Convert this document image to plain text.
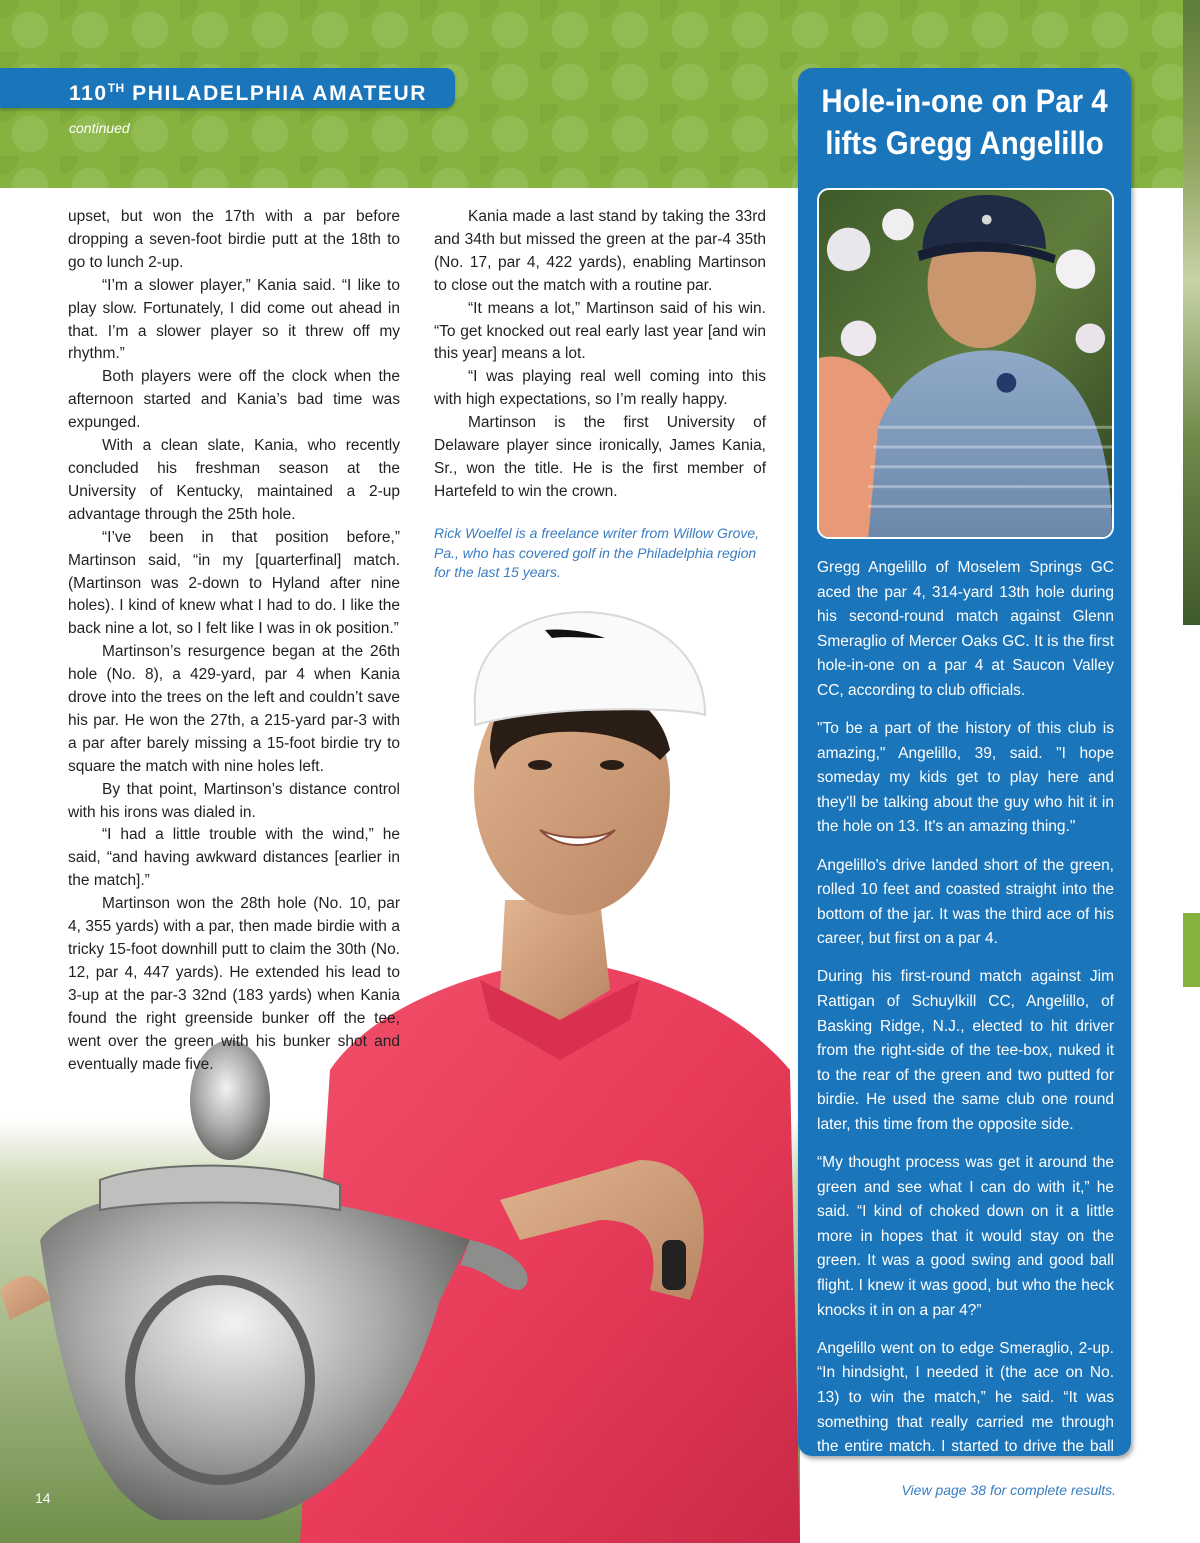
110TH PHILADELPHIA AMATEUR
continued

upset, but won the 17th with a par before dropping a seven-foot birdie putt at the 18th to go to lunch 2-up.

“I’m a slower player,” Kania said. “I like to play slow. Fortunately, I did come out ahead in that. I’m a slower player so it threw off my rhythm.”

Both players were off the clock when the afternoon started and Kania’s bad time was expunged.

With a clean slate, Kania, who recently concluded his freshman season at the University of Kentucky, maintained a 2-up advantage through the 25th hole.

“I’ve been in that position before,” Martinson said, “in my [quarterfinal] match. (Martinson was 2-down to Hyland after nine holes). I kind of knew what I had to do. I like the back nine a lot, so I felt like I was in ok position.”

Martinson’s resurgence began at the 26th hole (No. 8), a 429-yard, par 4 when Kania drove into the trees on the left and couldn’t save his par. He won the 27th, a 215-yard par-3 with a par after barely missing a 15-foot birdie try to square the match with nine holes left.

By that point, Martinson’s distance control with his irons was dialed in.

“I had a little trouble with the wind,” he said, “and having awkward distances [earlier in the match].”

Martinson won the 28th hole (No. 10, par 4, 355 yards) with a par, then made birdie with a tricky 15-foot downhill putt to claim the 30th (No. 12, par 4, 447 yards). He extended his lead to 3-up at the par-3 32nd (183 yards) when Kania found the right greenside bunker off the tee, went over the green with his bunker shot and eventually made five.

Kania made a last stand by taking the 33rd and 34th but missed the green at the par-4 35th (No. 17, par 4, 422 yards), enabling Martinson to close out the match with a routine par.

“It means a lot,” Martinson said of his win. “To get knocked out real early last year [and win this year] means a lot.

“I was playing real well coming into this with high expectations, so I’m really happy.

Martinson is the first University of Delaware player since ironically, James Kania, Sr., won the title. He is the first member of Hartefeld to win the crown.

Rick Woelfel is a freelance writer from Willow Grove, Pa., who has covered golf in the Philadelphia region for the last 15 years.
Hole-in-one on Par 4
lifts Gregg Angelillo

Gregg Angelillo of Moselem Springs GC aced the par 4, 314-yard 13th hole during his second-round match against Glenn Smeraglio of Mercer Oaks GC. It is the first hole-in-one on a par 4 at Saucon Valley CC, according to club officials.

"To be a part of the history of this club is amazing," Angelillo, 39, said. "I hope someday my kids get to play here and they'll be talking about the guy who hit it in the hole on 13. It's an amazing thing."

Angelillo's drive landed short of the green, rolled 10 feet and coasted straight into the bottom of the jar. It was the third ace of his career, but first on a par 4.

During his first-round match against Jim Rattigan of Schuylkill CC, Angelillo, of Basking Ridge, N.J., elected to hit driver from the right-side of the tee-box, nuked it to the rear of the green and two putted for birdie. He used the same club one round later, this time from the opposite side.

“My thought process was get it around the green and see what I can do with it,” he said. “I kind of choked down on it a little more in hopes that it would stay on the green. It was a good swing and good ball flight. I knew it was good, but who the heck knocks it in on a par 4?”

Angelillo went on to edge Smeraglio, 2-up. “In hindsight, I needed it (the ace on No. 13) to win the match,” he said. “It was something that really carried me through the entire match. I started to drive the ball better and get some confidence.”

View page 38 for complete results.
14
